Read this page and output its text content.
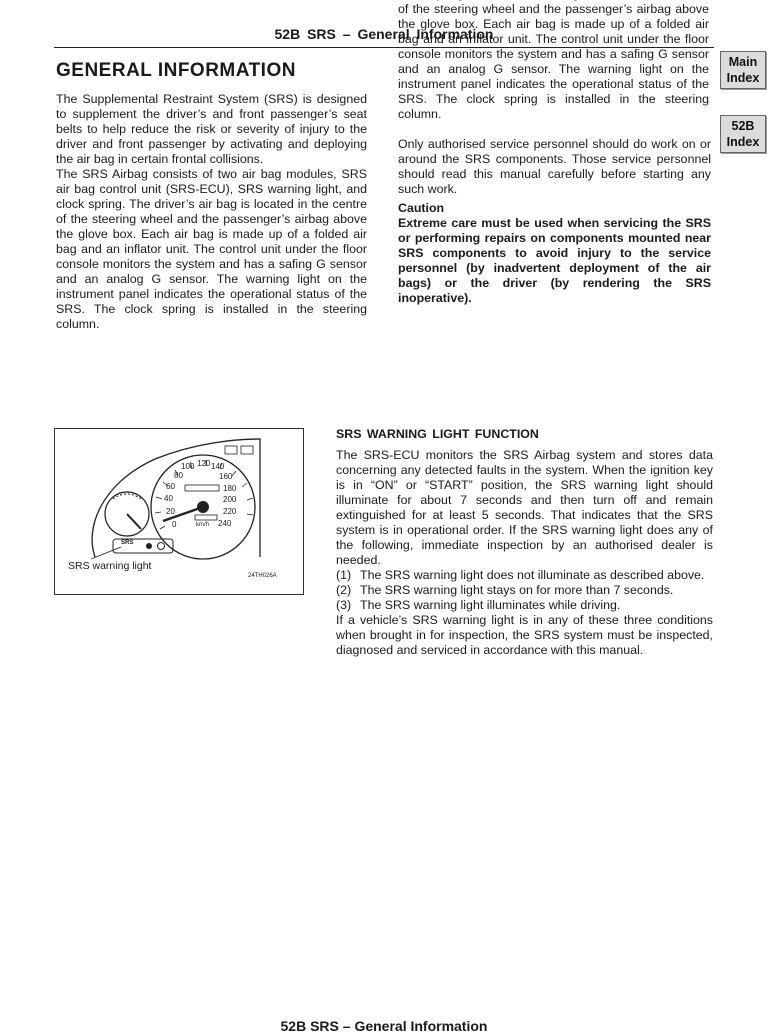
52B SRS – General Information
Main
Index
52B
Index
GENERAL INFORMATION

The Supplemental Restraint System (SRS) is designed to supplement the driver’s and front passenger’s seat belts to help reduce the risk or severity of injury to the driver and front passenger by activating and deploying the air bag in certain frontal collisions.

The SRS Airbag consists of two air bag modules, SRS air bag control unit (SRS-ECU), SRS warning light, and clock spring. The driver’s air bag is located in the centre of the steering wheel and the passenger’s airbag above the glove box. Each air bag is made up of a folded air bag and an inflator unit. The control unit under the floor console monitors the system and has a safing G sensor and an analog G sensor. The warning light on the instrument panel indicates the operational status of the SRS. The clock spring is installed in the steering column.

of the steering wheel and the passenger’s airbag above the glove box. Each air bag is made up of a folded air bag and an inflator unit. The control unit under the floor console monitors the system and has a safing G sensor and an analog G sensor. The warning light on the instrument panel indicates the operational status of the SRS. The clock spring is installed in the steering column.

Only authorised service personnel should do work on or around the SRS components. Those service personnel should read this manual carefully before starting any such work.

Caution

Extreme care must be used when servicing the SRS or performing repairs on components mounted near SRS components to avoid injury to the service personnel (by inadvertent deployment of the air bags) or the driver (by rendering the SRS inoperative).

0
20
40
60
80
100 120 140
160
180
200
220
240
km/h
SRS
SRS warning light
24TH026A
SRS WARNING LIGHT FUNCTION

The SRS-ECU monitors the SRS Airbag system and stores data concerning any detected faults in the system. When the ignition key is in “ON” or “START” position, the SRS warning light should illuminate for about 7 seconds and then turn off and remain extinguished for at least 5 seconds. That indicates that the SRS system is in operational order. If the SRS warning light does any of the following, immediate inspection by an authorised dealer is needed.

(1) The SRS warning light does not illuminate as described above.
(2) The SRS warning light stays on for more than 7 seconds.
(3) The SRS warning light illuminates while driving.

If a vehicle’s SRS warning light is in any of these three conditions when brought in for inspection, the SRS system must be inspected, diagnosed and serviced in accordance with this manual.

52B SRS – General Information
